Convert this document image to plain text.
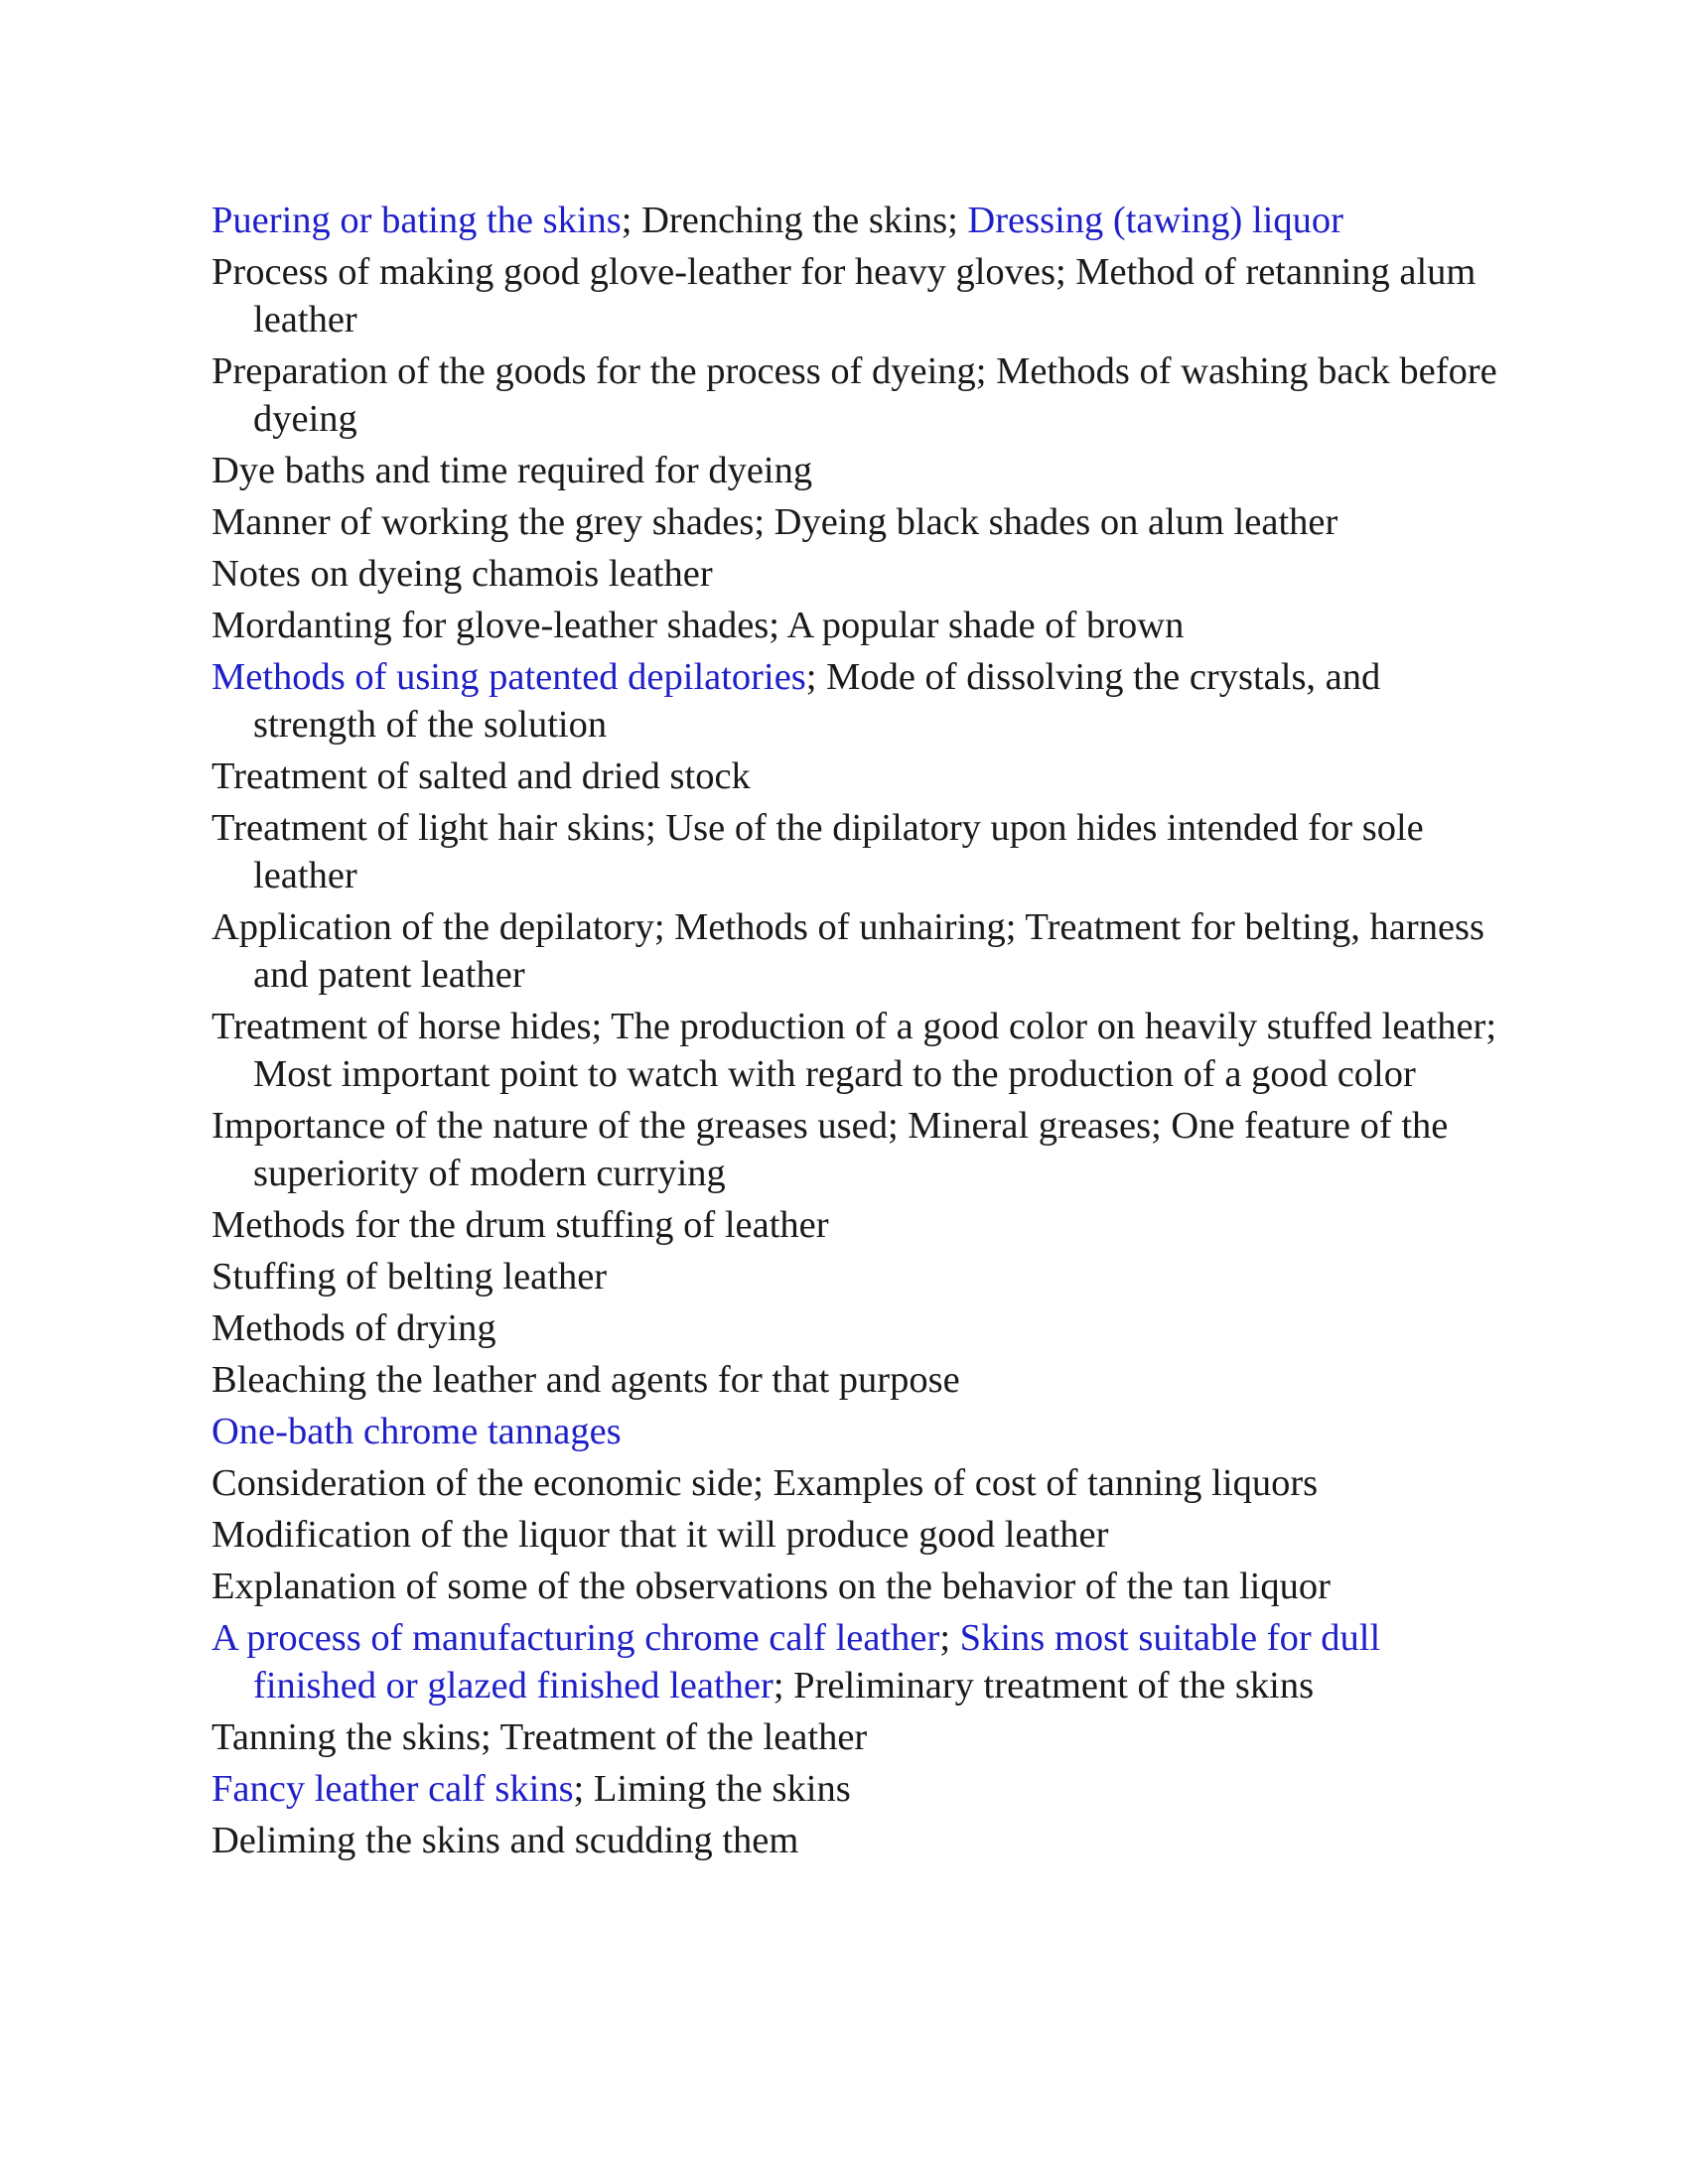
Puering or bating the skins; Drenching the skins; Dressing (tawing) liquor
Process of making good glove-leather for heavy gloves; Method of retanning alum leather
Preparation of the goods for the process of dyeing; Methods of washing back before dyeing
Dye baths and time required for dyeing
Manner of working the grey shades; Dyeing black shades on alum leather
Notes on dyeing chamois leather
Mordanting for glove-leather shades; A popular shade of brown
Methods of using patented depilatories; Mode of dissolving the crystals, and strength of the solution
Treatment of salted and dried stock
Treatment of light hair skins; Use of the dipilatory upon hides intended for sole leather
Application of the depilatory; Methods of unhairing; Treatment for belting, harness and patent leather
Treatment of horse hides; The production of a good color on heavily stuffed leather; Most important point to watch with regard to the production of a good color
Importance of the nature of the greases used; Mineral greases; One feature of the superiority of modern currying
Methods for the drum stuffing of leather
Stuffing of belting leather
Methods of drying
Bleaching the leather and agents for that purpose
One-bath chrome tannages
Consideration of the economic side; Examples of cost of tanning liquors
Modification of the liquor that it will produce good leather
Explanation of some of the observations on the behavior of the tan liquor
A process of manufacturing chrome calf leather; Skins most suitable for dull finished or glazed finished leather; Preliminary treatment of the skins
Tanning the skins; Treatment of the leather
Fancy leather calf skins; Liming the skins
Deliming the skins and scudding them
